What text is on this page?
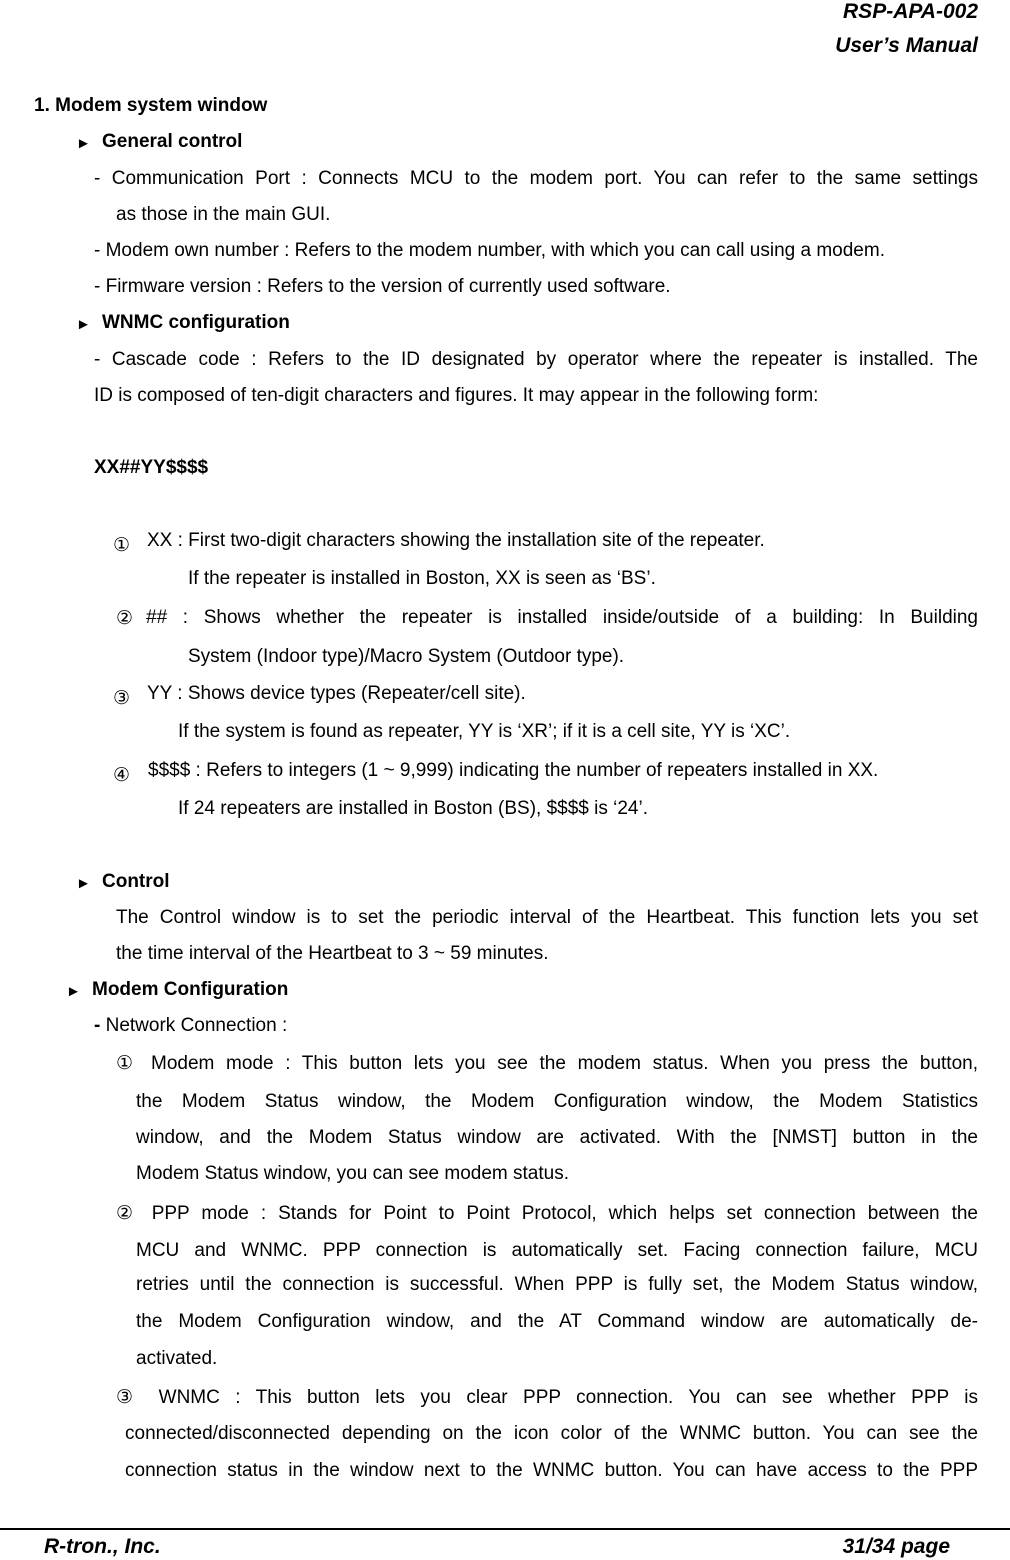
RSP-APA-002
User’s Manual
1. Modem system window
► General control
- Communication Port : Connects MCU to the modem port. You can refer to the same settings
as those in the main GUI.
- Modem own number : Refers to the modem number, with which you can call using a modem.
- Firmware version : Refers to the version of currently used software.
► WNMC configuration
- Cascade code : Refers to the ID designated by operator where the repeater is installed. The
ID is composed of ten-digit characters and figures. It may appear in the following form:
XX##YY$$$$
　① XX : First two-digit characters showing the installation site of the repeater.
If the repeater is installed in Boston, XX is seen as ‘BS’.
② ## : Shows whether the repeater is installed inside/outside of a building: In Building
System (Indoor type)/Macro System (Outdoor type).
　③ YY : Shows device types (Repeater/cell site).
If the system is found as repeater, YY is ‘XR’; if it is a cell site, YY is ‘XC’.
　④ $$$$ : Refers to integers (1 ~ 9,999) indicating the number of repeaters installed in XX.
If 24 repeaters are installed in Boston (BS), $$$$ is ‘24’.
► Control
The Control window is to set the periodic interval of the Heartbeat. This function lets you set
the time interval of the Heartbeat to 3 ~ 59 minutes.
► Modem Configuration
- Network Connection :
① Modem mode : This button lets you see the modem status. When you press the button,
the Modem Status window, the Modem Configuration window, the Modem Statistics
window, and the Modem Status window are activated. With the [NMST] button in the
Modem Status window, you can see modem status.
② PPP mode : Stands for Point to Point Protocol, which helps set connection between the
MCU and WNMC. PPP connection is automatically set. Facing connection failure, MCU
retries until the connection is successful. When PPP is fully set, the Modem Status window,
the Modem Configuration window, and the AT Command window are automatically de-
activated.
③ WNMC : This button lets you clear PPP connection. You can see whether PPP is
connected/disconnected depending on the icon color of the WNMC button. You can see the
connection status in the window next to the WNMC button. You can have access to the PPP
R-tron., Inc.	31/34 page
